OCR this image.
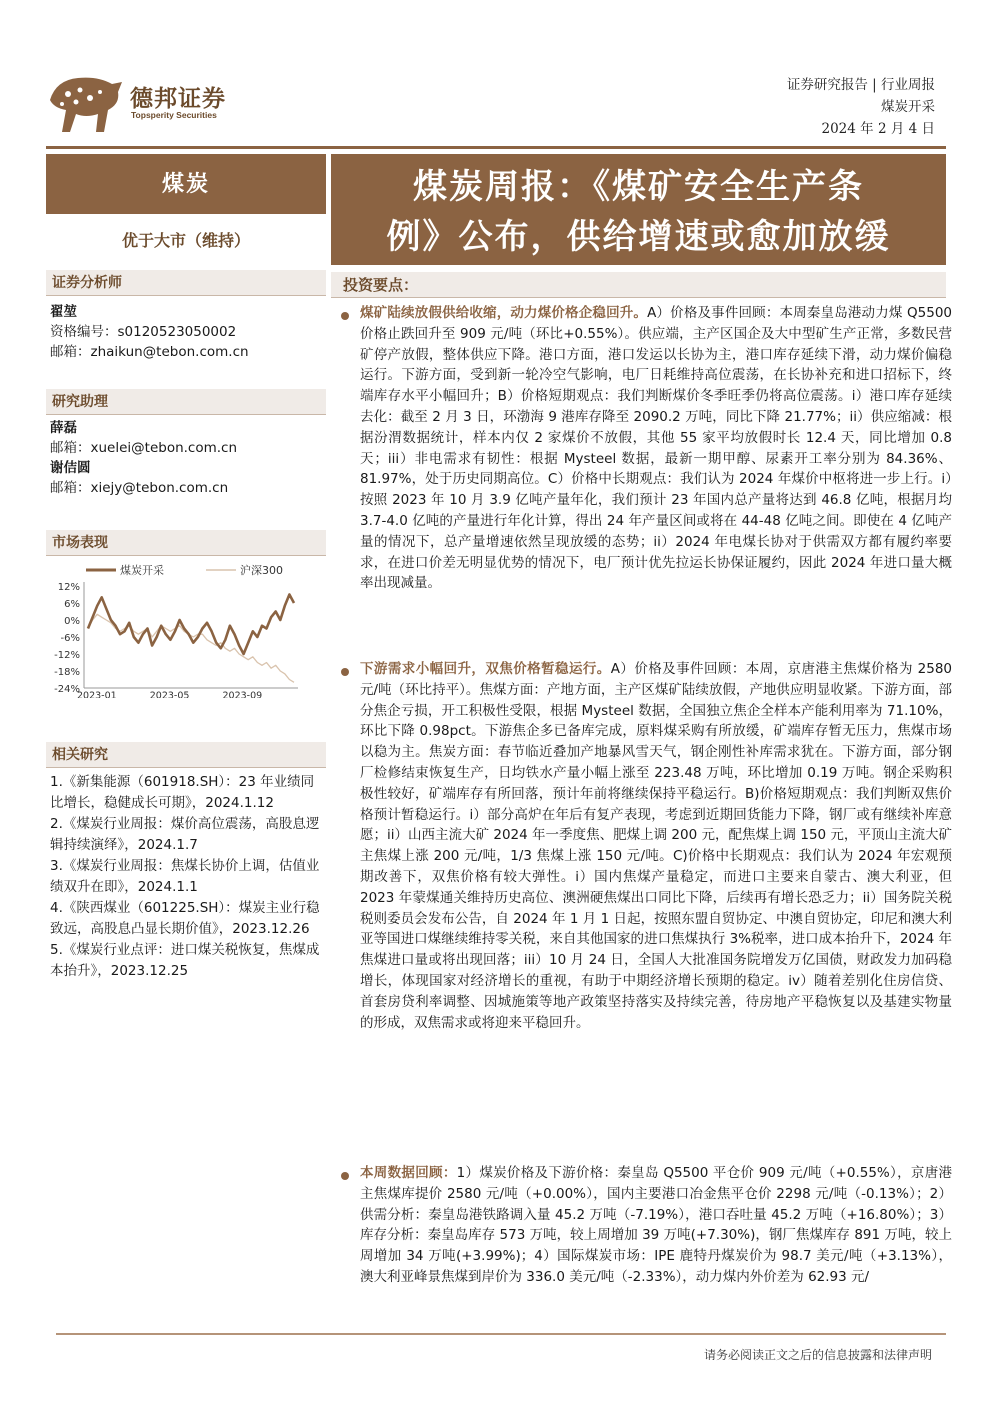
德邦证券
Topsperity Securities
证券研究报告 | 行业周报
煤炭开采
2024 年 2 月 4 日
煤炭
优于大市（维持）
证券分析师
翟堃
资格编号：s0120523050002
邮箱：zhaikun@tebon.com.cn
研究助理
薛磊
邮箱：xuelei@tebon.com.cn
谢佶圆
邮箱：xiejy@tebon.com.cn
市场表现
煤炭开采	沪深300
12%
6%
0%
-6%
-12%
-18%
-24%
2023-01	2023-05	2023-09
相关研究
1.《新集能源（601918.SH）：23 年业绩同比增长，稳健成长可期》，2024.1.12
2.《煤炭行业周报：煤价高位震荡，高股息逻辑持续演绎》，2024.1.7
3.《煤炭行业周报：焦煤长协价上调，估值业绩双升在即》，2024.1.1
4.《陕西煤业（601225.SH）：煤炭主业行稳致远，高股息凸显长期价值》，2023.12.26
5.《煤炭行业点评：进口煤关税恢复，焦煤成本抬升》，2023.12.25
煤炭周报：《煤矿安全生产条
例》公布，供给增速或愈加放缓
投资要点：
煤矿陆续放假供给收缩，动力煤价格企稳回升。A）价格及事件回顾：本周秦皇岛港动力煤 Q5500 价格止跌回升至 909 元/吨（环比+0.55%）。供应端，主产区国企及大中型矿生产正常，多数民营矿停产放假，整体供应下降。港口方面，港口发运以长协为主，港口库存延续下滑，动力煤价偏稳运行。下游方面，受到新一轮冷空气影响，电厂日耗维持高位震荡，在长协补充和进口招标下，终端库存水平小幅回升；B）价格短期观点：我们判断煤价冬季旺季仍将高位震荡。i）港口库存延续去化：截至 2 月 3 日，环渤海 9 港库存降至 2090.2 万吨，同比下降 21.77%；ii）供应缩减：根据汾渭数据统计，样本内仅 2 家煤价不放假，其他 55 家平均放假时长 12.4 天，同比增加 0.8 天；iii）非电需求有韧性：根据 Mysteel 数据，最新一期甲醇、尿素开工率分别为 84.36%、81.97%，处于历史同期高位。C）价格中长期观点：我们认为 2024 年煤价中枢将进一步上行。i）按照 2023 年 10 月 3.9 亿吨产量年化，我们预计 23 年国内总产量将达到 46.8 亿吨，根据月均 3.7-4.0 亿吨的产量进行年化计算，得出 24 年产量区间或将在 44-48 亿吨之间。即使在 4 亿吨产量的情况下，总产量增速依然呈现放缓的态势；ii）2024 年电煤长协对于供需双方都有履约率要求，在进口价差无明显优势的情况下，电厂预计优先拉运长协保证履约，因此 2024 年进口量大概率出现减量。
下游需求小幅回升，双焦价格暂稳运行。A）价格及事件回顾：本周，京唐港主焦煤价格为 2580 元/吨（环比持平）。焦煤方面：产地方面，主产区煤矿陆续放假，产地供应明显收紧。下游方面，部分焦企亏损，开工积极性受限，根据 Mysteel 数据，全国独立焦企全样本产能利用率为 71.10%，环比下降 0.98pct。下游焦企多已备库完成，原料煤采购有所放缓，矿端库存暂无压力，焦煤市场以稳为主。焦炭方面：春节临近叠加产地暴风雪天气，钢企刚性补库需求犹在。下游方面，部分钢厂检修结束恢复生产，日均铁水产量小幅上涨至 223.48 万吨，环比增加 0.19 万吨。钢企采购积极性较好，矿端库存有所回落，预计年前将继续保持平稳运行。B)价格短期观点：我们判断双焦价格预计暂稳运行。i）部分高炉在年后有复产表现，考虑到近期回货能力下降，钢厂或有继续补库意愿；ii）山西主流大矿 2024 年一季度焦、肥煤上调 200 元，配焦煤上调 150 元，平顶山主流大矿主焦煤上涨 200 元/吨，1/3 焦煤上涨 150 元/吨。C)价格中长期观点：我们认为 2024 年宏观预期改善下，双焦价格有较大弹性。i）国内焦煤产量稳定，而进口主要来自蒙古、澳大利亚，但 2023 年蒙煤通关维持历史高位、澳洲硬焦煤出口同比下降，后续再有增长恐乏力；ii）国务院关税税则委员会发布公告，自 2024 年 1 月 1 日起，按照东盟自贸协定、中澳自贸协定，印尼和澳大利亚等国进口煤继续维持零关税，来自其他国家的进口焦煤执行 3%税率，进口成本抬升下，2024 年焦煤进口量或将出现回落；iii）10 月 24 日，全国人大批准国务院增发万亿国债，财政发力加码稳增长，体现国家对经济增长的重视，有助于中期经济增长预期的稳定。iv）随着差别化住房信贷、首套房贷利率调整、因城施策等地产政策坚持落实及持续完善，待房地产平稳恢复以及基建实物量的形成，双焦需求或将迎来平稳回升。
本周数据回顾：1）煤炭价格及下游价格：秦皇岛 Q5500 平仓价 909 元/吨（+0.55%），京唐港主焦煤库提价 2580 元/吨（+0.00%），国内主要港口冶金焦平仓价 2298 元/吨（-0.13%）；2）供需分析：秦皇岛港铁路调入量 45.2 万吨（-7.19%），港口吞吐量 45.2 万吨（+16.80%）；3）库存分析：秦皇岛库存 573 万吨，较上周增加 39 万吨(+7.30%)，钢厂焦煤库存 891 万吨，较上周增加 34 万吨(+3.99%)；4）国际煤炭市场：IPE 鹿特丹煤炭价为 98.7 美元/吨（+3.13%），澳大利亚峰景焦煤到岸价为 336.0 美元/吨（-2.33%），动力煤内外价差为 62.93 元/
请务必阅读正文之后的信息披露和法律声明
